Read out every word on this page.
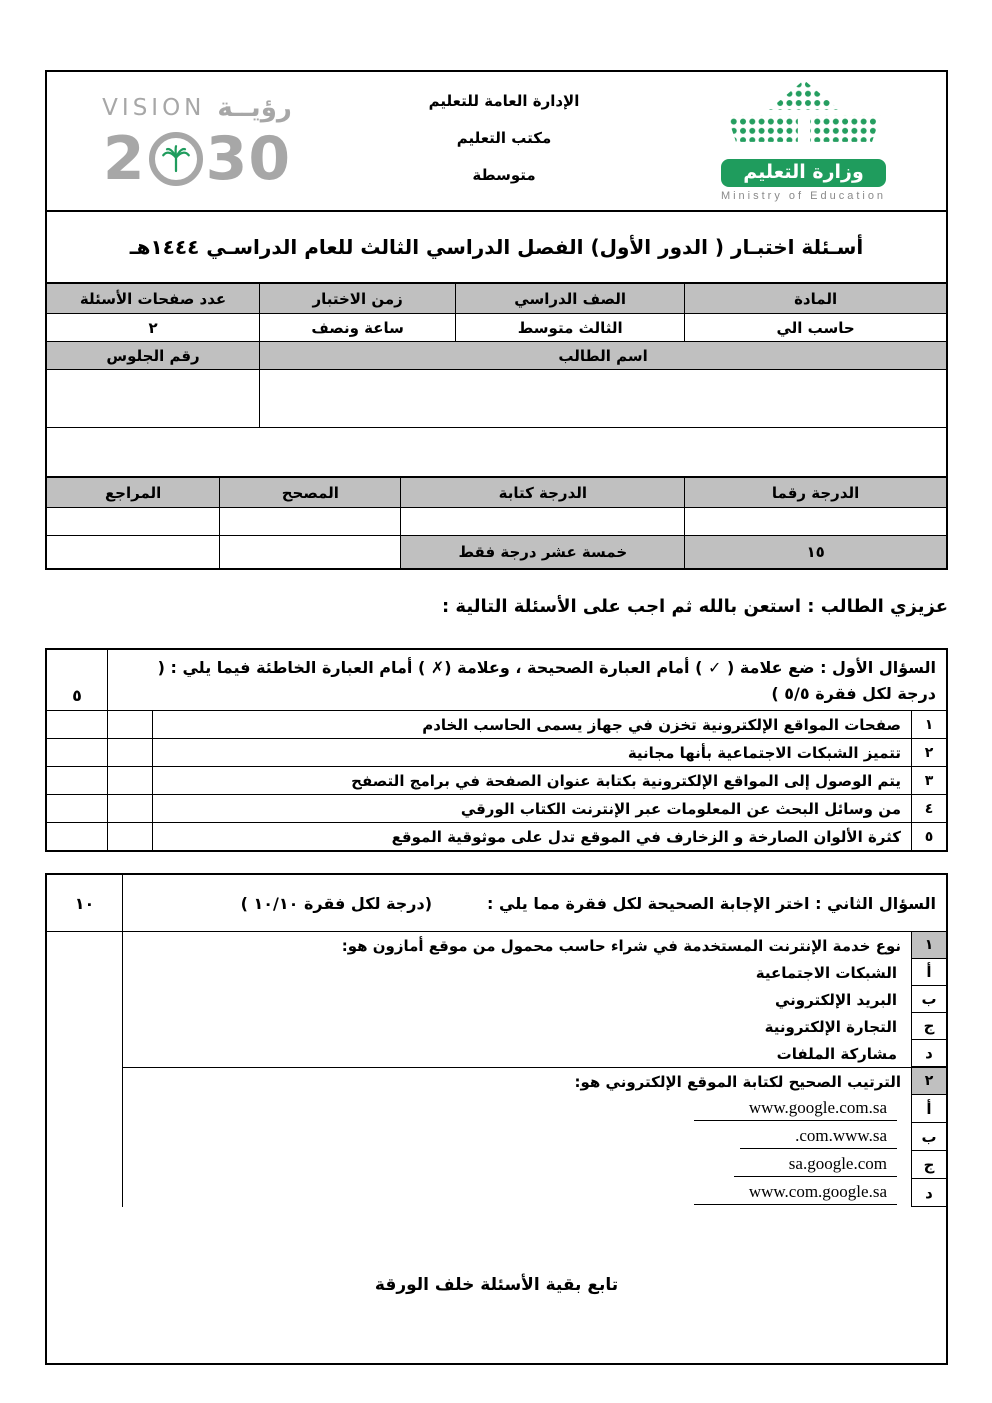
وزارة التعليم
Ministry of Education
الإدارة العامة للتعليم
مكتب التعليم
متوسطة
رؤيــة
VISION
2 30
أسـئلة اختبـار ( الدور الأول) الفصل الدراسي الثالث للعام الدراسـي ١٤٤٤هـ
المادة
الصف الدراسي
زمن الاختبار
عدد صفحات الأسئلة
حاسب الي
الثالث متوسط
ساعة ونصف
٢
اسم الطالب
رقم الجلوس
الدرجة رقما
الدرجة كتابة
المصحح
المراجع
١٥
خمسة عشر درجة فقط
عزيزي الطالب : استعن بالله ثم اجب على الأسئلة التالية :
السؤال الأول : ضع علامة ( ✓ ) أمام العبارة الصحيحة ، وعلامة (✗ ) أمام العبارة الخاطئة فيما يلي : ( درجة لكل فقرة ٥/٥ )
٥
١
صفحات المواقع الإلكترونية تخزن في جهاز يسمى الحاسب الخادم
٢
تتميز الشبكات الاجتماعية بأنها مجانية
٣
يتم الوصول إلى المواقع الإلكترونية بكتابة عنوان الصفحة في برامج التصفح
٤
من وسائل البحث عن المعلومات عبر الإنترنت الكتاب الورقي
٥
كثرة الألوان الصارخة و الزخارف في الموقع تدل على موثوقية الموقع
السؤال الثاني : اختر الإجابة الصحيحة لكل فقرة مما يلي :
(درجة لكل فقرة ١٠/١٠ )
١٠
١
نوع خدمة الإنترنت المستخدمة في شراء حاسب محمول من موقع أمازون هو:
أ
الشبكات الاجتماعية
ب
البريد الإلكتروني
ج
التجارة الإلكترونية
د
مشاركة الملفات
٢
الترتيب الصحيح لكتابة الموقع الإلكتروني هو:
أ
www.google.com.sa
ب
.com.www.sa
ج
sa.google.com
د
www.com.google.sa
تابع بقية الأسئلة خلف الورقة
